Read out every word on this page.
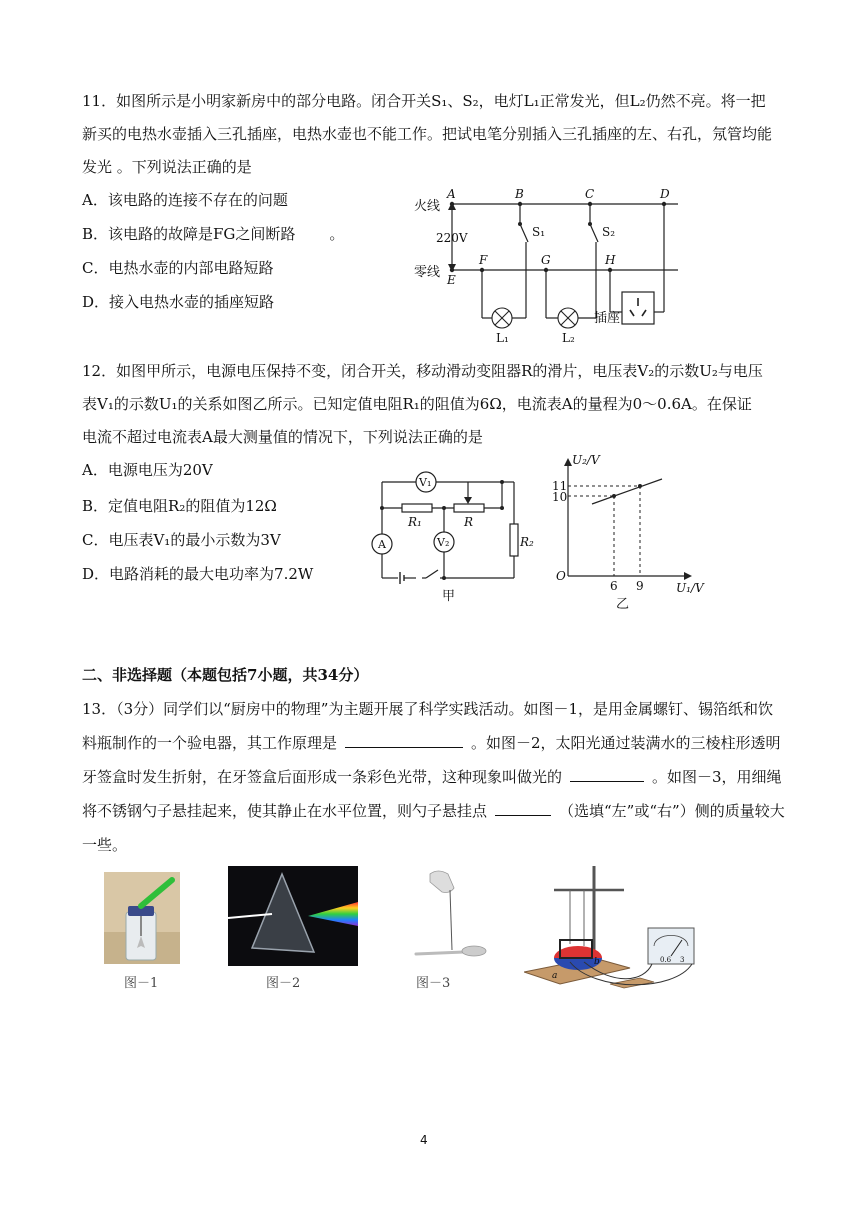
11．如图所示是小明家新房中的部分电路。闭合开关S₁、S₂，电灯L₁正常发光，但L₂仍然不亮。将一把
新买的电热水壶插入三孔插座，电热水壶也不能工作。把试电笔分别插入三孔插座的左、右孔，氖管均能
发光 。下列说法正确的是
A．该电路的连接不存在的问题
B．该电路的故障是FG之间断路 。
C．电热水壶的内部电路短路
D．接入电热水壶的插座短路
火线
零线
220V
A	B	C	D
E
F	G	H
S₁	S₂
L₁	L₂
插座
12．如图甲所示，电源电压保持不变，闭合开关，移动滑动变阻器R的滑片，电压表V₂的示数U₂与电压
表V₁的示数U₁的关系如图乙所示。已知定值电阻R₁的阻值为6Ω，电流表A的量程为0～0.6A。在保证
电流不超过电流表A最大测量值的情况下，下列说法正确的是
A．电源电压为20V
B．定值电阻R₂的阻值为12Ω
C．电压表V₁的最小示数为3V
D．电路消耗的最大电功率为7.2W
V₁
A	V₂
R₁	R
R₂
甲
U₂/V
U₁/V
O
11
10
6 9
乙
二、非选择题（本题包括7小题，共34分）
13．（3分）同学们以“厨房中的物理”为主题开展了科学实践活动。如图－1，是用金属螺钉、锡箔纸和饮
料瓶制作的一个验电器，其工作原理是	。如图－2，太阳光通过装满水的三棱柱形透明
牙签盒时发生折射，在牙签盒后面形成一条彩色光带，这种现象叫做光的	。如图－3，用细绳
将不锈钢勺子悬挂起来，使其静止在水平位置，则勺子悬挂点	（选填“左”或“右”）侧的质量较大
一些。
图－1	图－2	图－3	a
b	0.6 3
4
